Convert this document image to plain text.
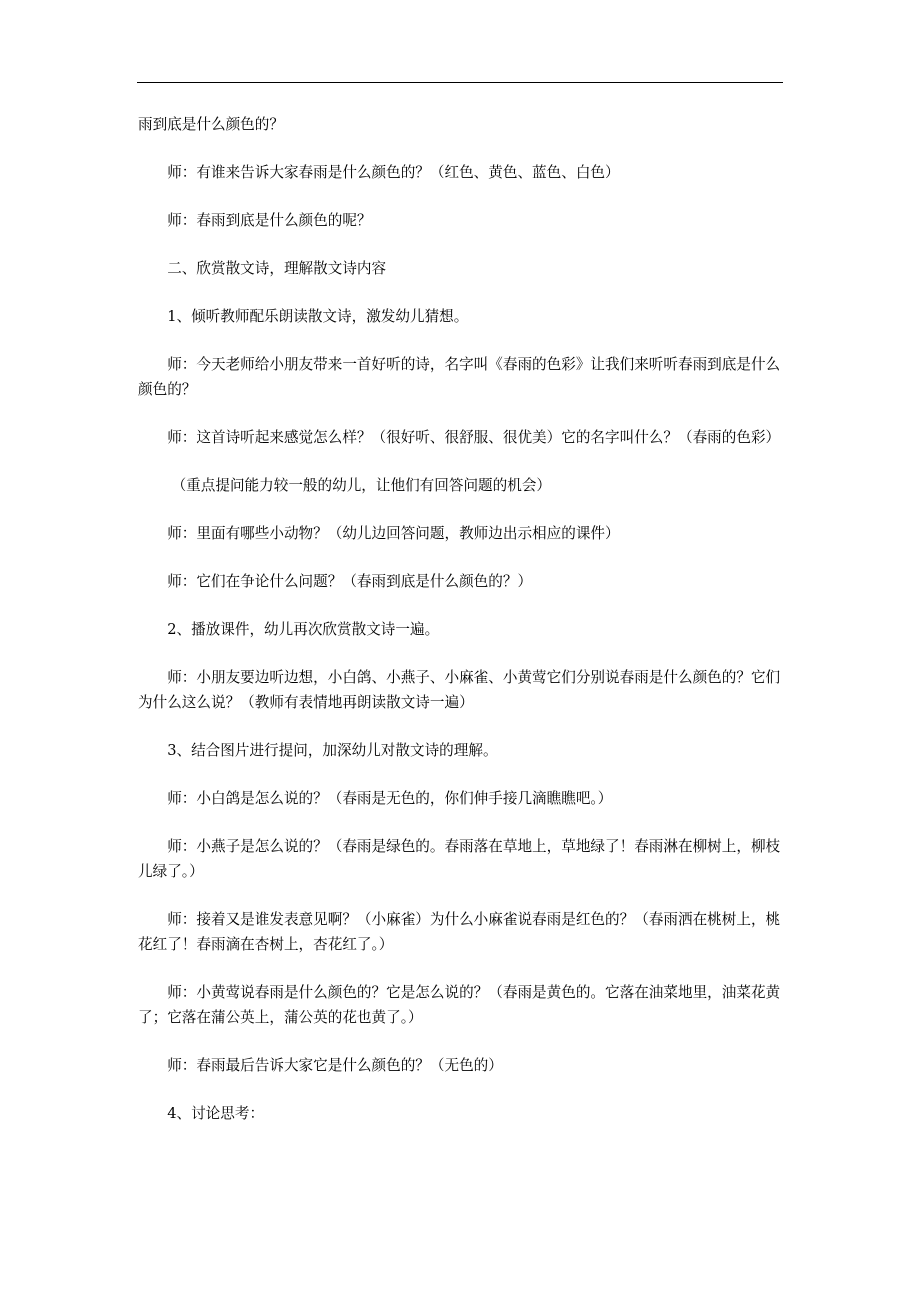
雨到底是什么颜色的？

师：有谁来告诉大家春雨是什么颜色的？（红色、黄色、蓝色、白色）

师：春雨到底是什么颜色的呢？

二、欣赏散文诗，理解散文诗内容

1、倾听教师配乐朗读散文诗，激发幼儿猜想。

师：今天老师给小朋友带来一首好听的诗，名字叫《春雨的色彩》让我们来听听春雨到底是什么颜色的？

师：这首诗听起来感觉怎么样？（很好听、很舒服、很优美）它的名字叫什么？（春雨的色彩）

（重点提问能力较一般的幼儿，让他们有回答问题的机会）

师：里面有哪些小动物？（幼儿边回答问题，教师边出示相应的课件）

师：它们在争论什么问题？（春雨到底是什么颜色的？）

2、播放课件，幼儿再次欣赏散文诗一遍。

师：小朋友要边听边想，小白鸽、小燕子、小麻雀、小黄莺它们分别说春雨是什么颜色的？它们为什么这么说？（教师有表情地再朗读散文诗一遍）

3、结合图片进行提问，加深幼儿对散文诗的理解。

师：小白鸽是怎么说的？（春雨是无色的，你们伸手接几滴瞧瞧吧。）

师：小燕子是怎么说的？（春雨是绿色的。春雨落在草地上，草地绿了！春雨淋在柳树上，柳枝儿绿了。）

师：接着又是谁发表意见啊？（小麻雀）为什么小麻雀说春雨是红色的？（春雨洒在桃树上，桃花红了！春雨滴在杏树上，杏花红了。）

师：小黄莺说春雨是什么颜色的？它是怎么说的？（春雨是黄色的。它落在油菜地里，油菜花黄了；它落在蒲公英上，蒲公英的花也黄了。）

师：春雨最后告诉大家它是什么颜色的？（无色的）

4、讨论思考：
